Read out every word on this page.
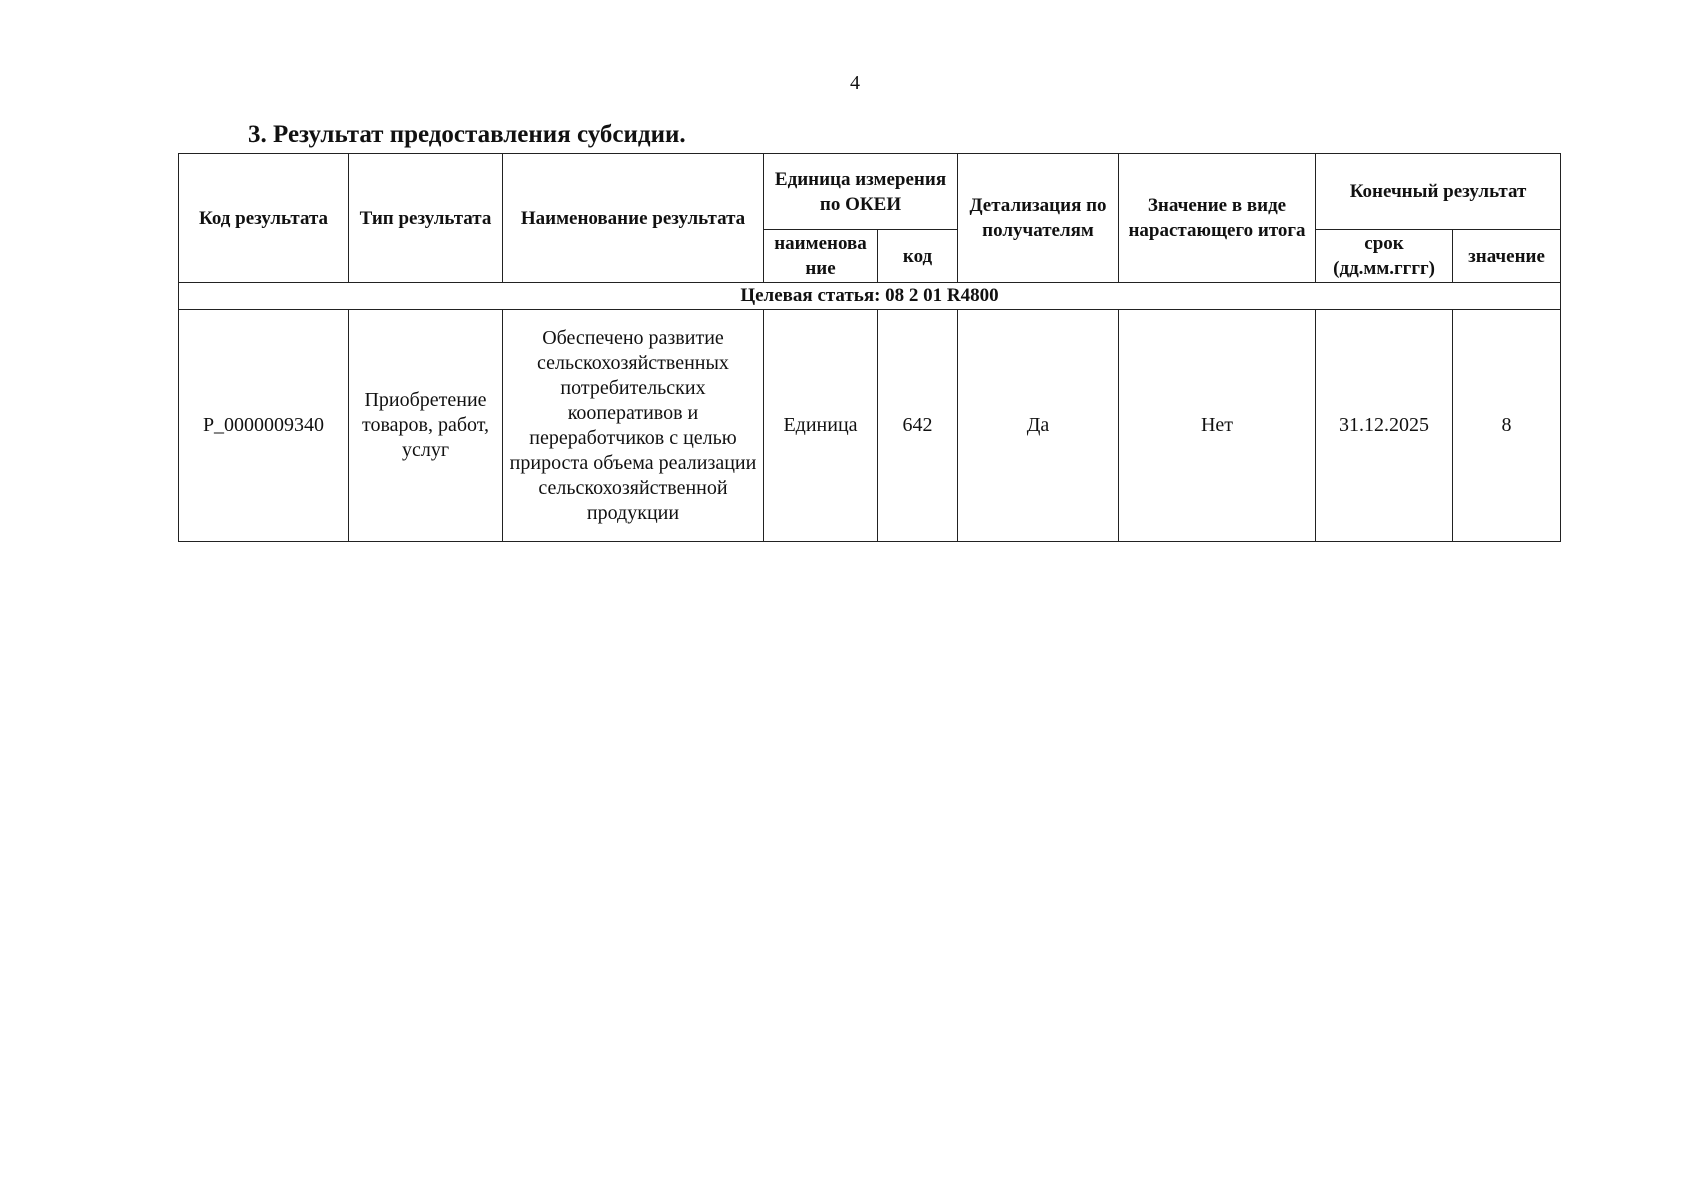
4
3. Результат предоставления субсидии.
Код результата	Тип результата	Наименование результата	Единица измерения по ОКЕИ		Детализация по получателям	Значение в виде нарастающего итога	Конечный результат	
			наименова ние	код			срок (дд.мм.гггг)	значение
Целевая статья: 08 2 01 R4800								
P_0000009340	Приобретение товаров, работ, услуг	Обеспечено развитие сельскохозяйственных потребительских кооперативов и переработчиков с целью прироста объема реализации сельскохозяйственной продукции	Единица	642	Да	Нет	31.12.2025	8
